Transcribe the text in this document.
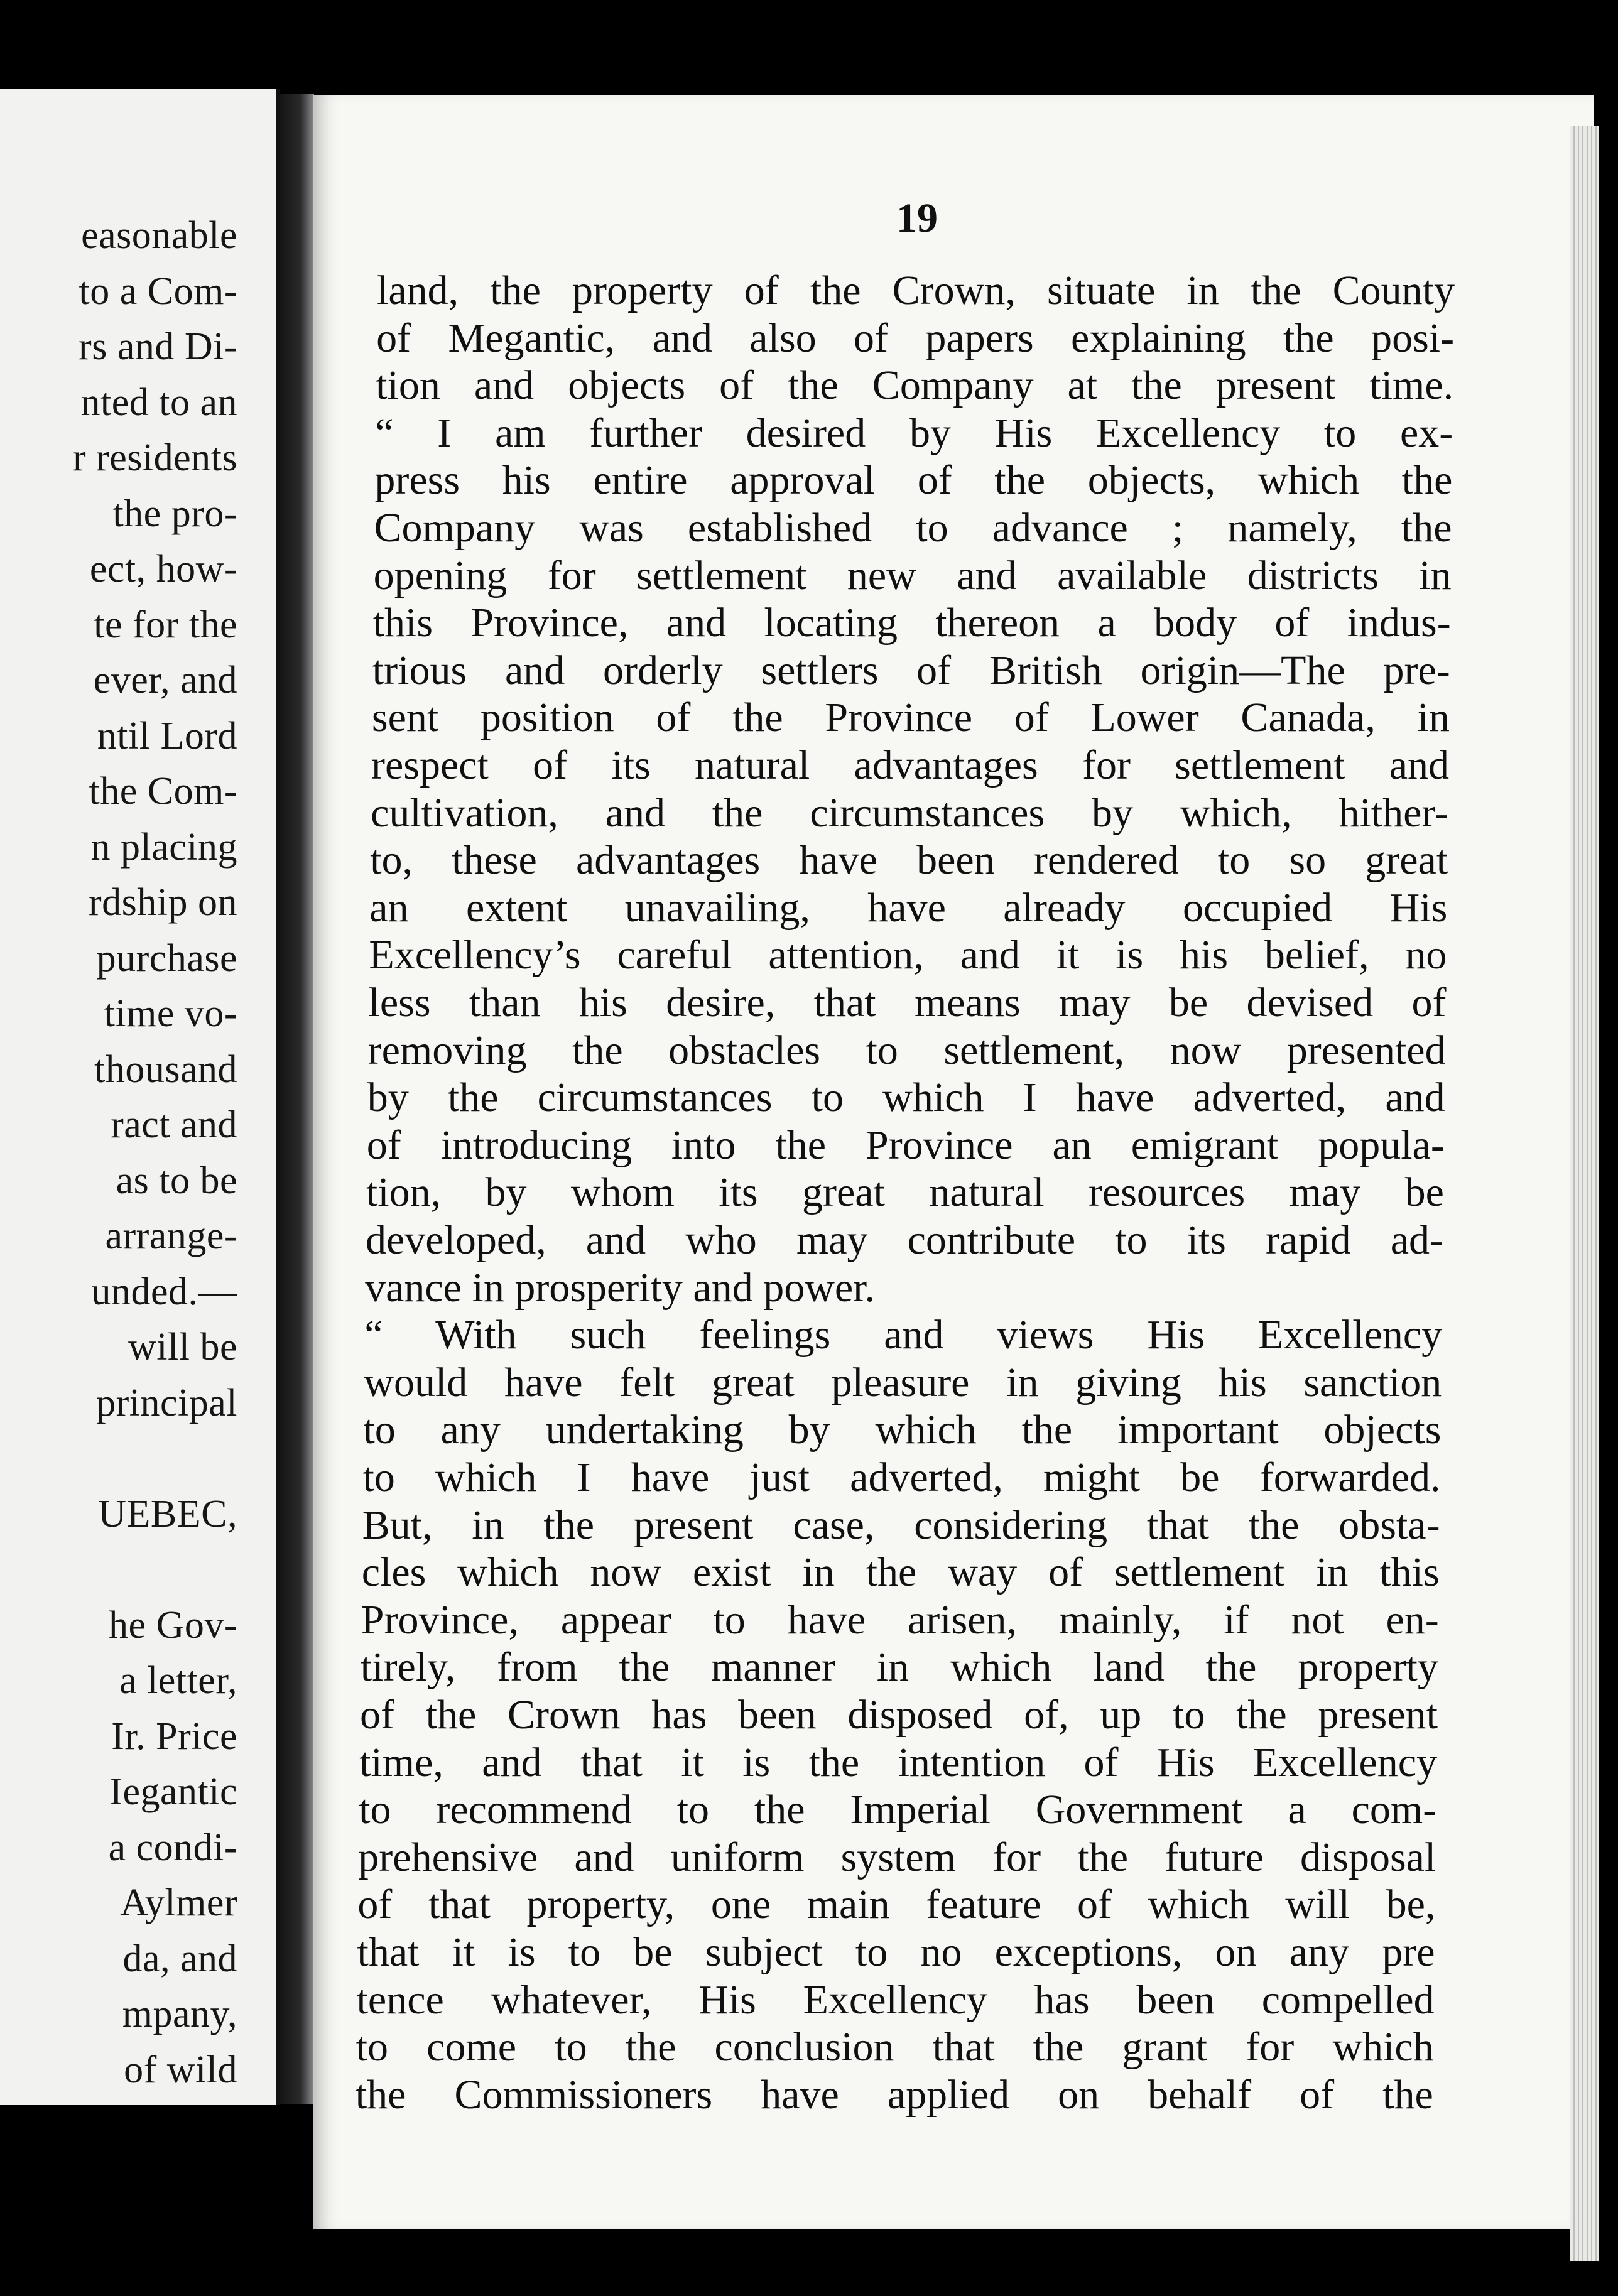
easonable
to a Com-
rs and Di-
nted to an
r residents
the pro-
ect, how-
te for the
ever, and
ntil Lord
the Com-
n placing
rdship on
purchase
time vo-
thousand
ract and
as to be
arrange-
unded.—
will be
principal
UEBEC,
he Gov-
a letter,
Ir. Price
Iegantic
a condi-
Aylmer
da, and
mpany,
of wild
19
land, the property of the Crown, situate in the County
of Megantic, and also of papers explaining the posi-
tion and objects of the Company at the present time.
“ I am further desired by His Excellency to ex-
press his entire approval of the objects, which the
Company was established to advance ; namely, the
opening for settlement new and available districts in
this Province, and locating thereon a body of indus-
trious and orderly settlers of British origin—The pre-
sent position of the Province of Lower Canada, in
respect of its natural advantages for settlement and
cultivation, and the circumstances by which, hither-
to, these advantages have been rendered to so great
an extent unavailing, have already occupied His
Excellency’s careful attention, and it is his belief, no
less than his desire, that means may be devised of
removing the obstacles to settlement, now presented
by the circumstances to which I have adverted, and
of introducing into the Province an emigrant popula-
tion, by whom its great natural resources may be
developed, and who may contribute to its rapid ad-
vance in prosperity and power.
“ With such feelings and views His Excellency
would have felt great pleasure in giving his sanction
to any undertaking by which the important objects
to which I have just adverted, might be forwarded.
But, in the present case, considering that the obsta-
cles which now exist in the way of settlement in this
Province, appear to have arisen, mainly, if not en-
tirely, from the manner in which land the property
of the Crown has been disposed of, up to the present
time, and that it is the intention of His Excellency
to recommend to the Imperial Government a com-
prehensive and uniform system for the future disposal
of that property, one main feature of which will be,
that it is to be subject to no exceptions, on any pre
tence whatever, His Excellency has been compelled
to come to the conclusion that the grant for which
the Commissioners have applied on behalf of the
